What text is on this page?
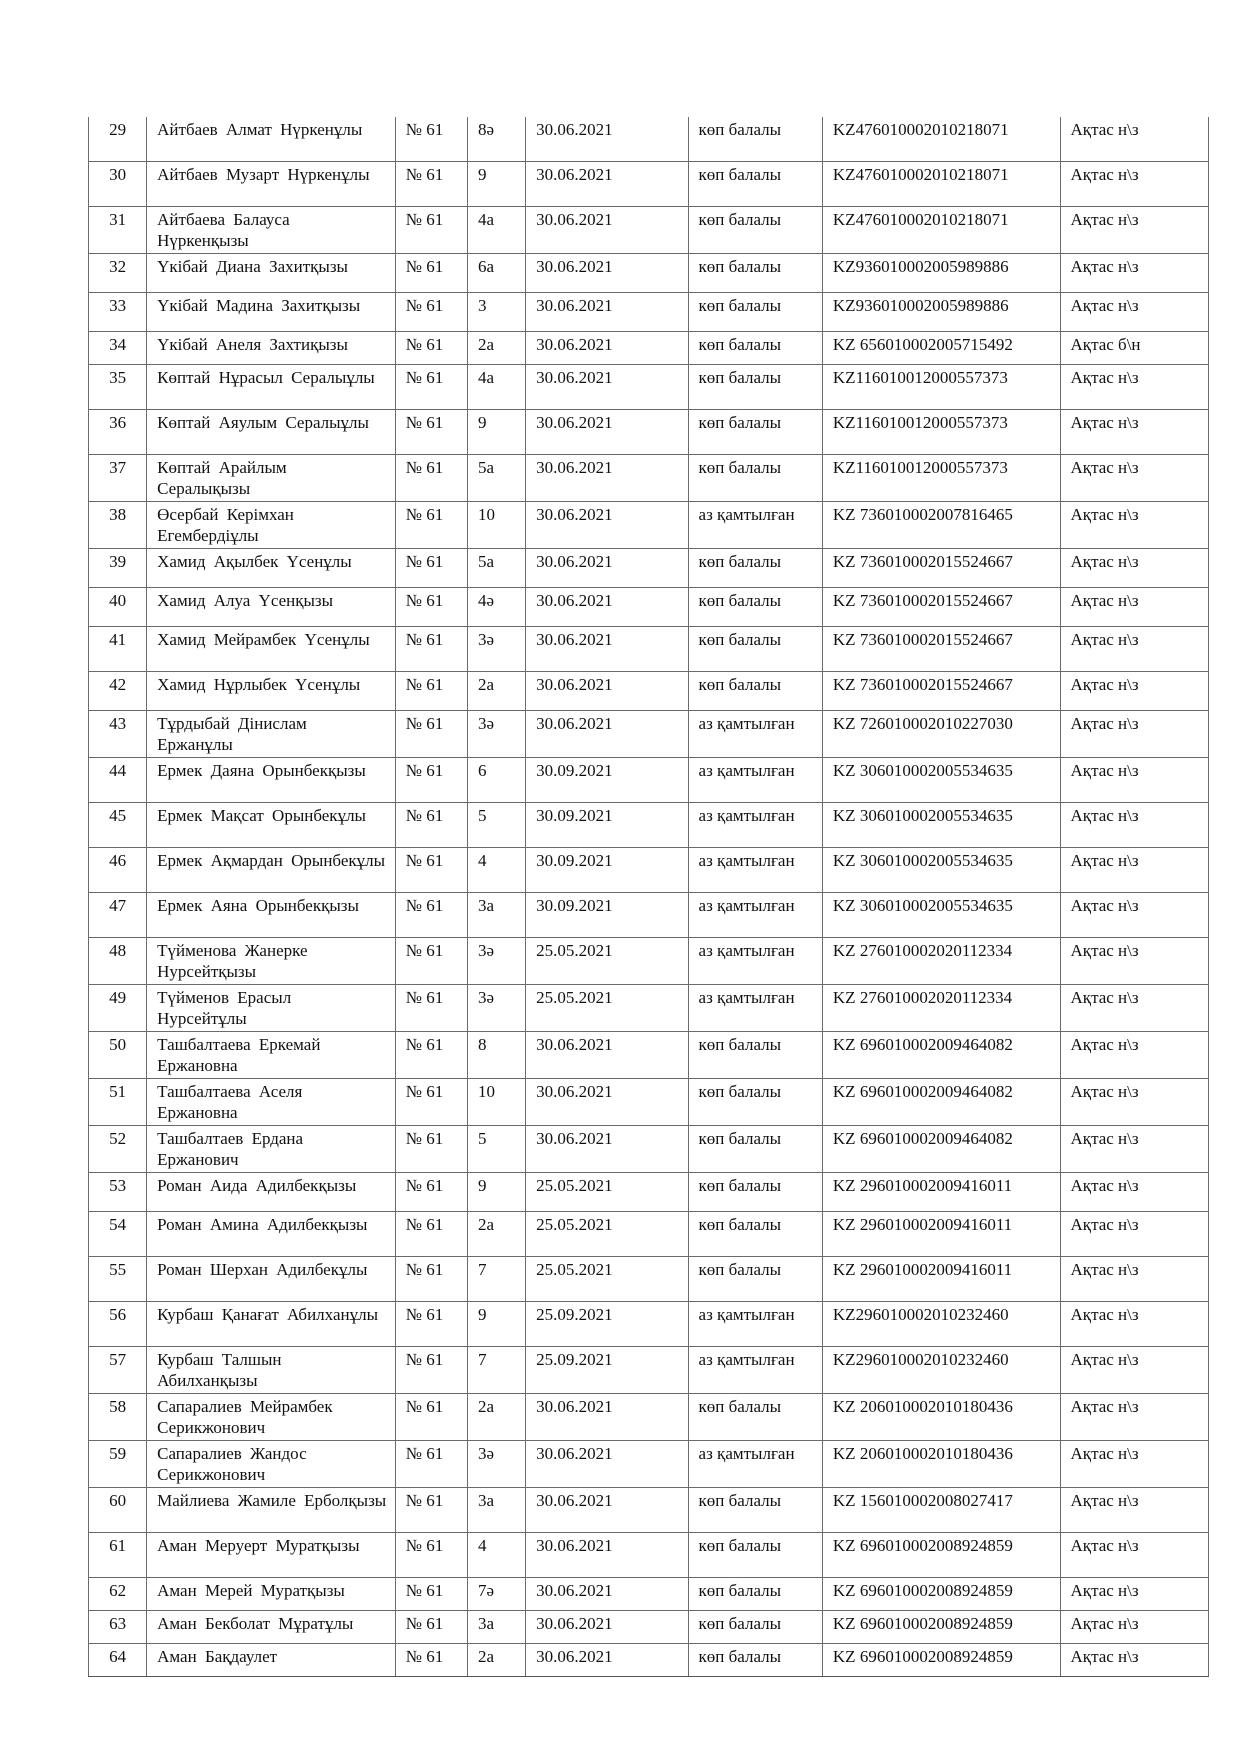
29	Айтбаев Алмат Нүркенұлы	№ 61	8ә	30.06.2021	көп балалы	KZ476010002010218071	Ақтас н\з
30	Айтбаев Музарт Нүркенұлы	№ 61	9	30.06.2021	көп балалы	KZ476010002010218071	Ақтас н\з
31	Айтбаева Балауса Нүркенқызы	№ 61	4а	30.06.2021	көп балалы	KZ476010002010218071	Ақтас н\з
32	Үкібай Диана Захитқызы	№ 61	6а	30.06.2021	көп балалы	KZ936010002005989886	Ақтас н\з
33	Үкібай Мадина Захитқызы	№ 61	3	30.06.2021	көп балалы	KZ936010002005989886	Ақтас н\з
34	Үкібай Анеля Захтиқызы	№ 61	2а	30.06.2021	көп балалы	KZ 656010002005715492	Ақтас б\н
35	Көптай Нұрасыл Сералыұлы	№ 61	4а	30.06.2021	көп балалы	KZ116010012000557373	Ақтас н\з
36	Көптай Аяулым Сералыұлы	№ 61	9	30.06.2021	көп балалы	KZ116010012000557373	Ақтас н\з
37	Көптай Арайлым Сералықызы	№ 61	5а	30.06.2021	көп балалы	KZ116010012000557373	Ақтас н\з
38	Өсербай Керімхан Егембердіұлы	№ 61	10	30.06.2021	аз қамтылған	KZ 736010002007816465	Ақтас н\з
39	Хамид Ақылбек Үсенұлы	№ 61	5а	30.06.2021	көп балалы	KZ 736010002015524667	Ақтас н\з
40	Хамид Алуа Үсенқызы	№ 61	4ә	30.06.2021	көп балалы	KZ 736010002015524667	Ақтас н\з
41	Хамид Мейрамбек Үсенұлы	№ 61	3ә	30.06.2021	көп балалы	KZ 736010002015524667	Ақтас н\з
42	Хамид Нұрлыбек Үсенұлы	№ 61	2а	30.06.2021	көп балалы	KZ 736010002015524667	Ақтас н\з
43	Тұрдыбай Діниcлам Ержанұлы	№ 61	3ә	30.06.2021	аз қамтылған	KZ 726010002010227030	Ақтас н\з
44	Ермек Даяна Орынбекқызы	№ 61	6	30.09.2021	аз қамтылған	KZ 306010002005534635	Ақтас н\з
45	Ермек Мақсат Орынбекұлы	№ 61	5	30.09.2021	аз қамтылған	KZ 306010002005534635	Ақтас н\з
46	Ермек Ақмардан Орынбекұлы	№ 61	4	30.09.2021	аз қамтылған	KZ 306010002005534635	Ақтас н\з
47	Ермек Аяна Орынбекқызы	№ 61	3а	30.09.2021	аз қамтылған	KZ 306010002005534635	Ақтас н\з
48	Түйменова Жанерке Нурсейтқызы	№ 61	3ә	25.05.2021	аз қамтылған	KZ 276010002020112334	Ақтас н\з
49	Түйменов Ерасыл Нурсейтұлы	№ 61	3ә	25.05.2021	аз қамтылған	KZ 276010002020112334	Ақтас н\з
50	Ташбалтаева Еркемай Ержановна	№ 61	8	30.06.2021	көп балалы	KZ 696010002009464082	Ақтас н\з
51	Ташбалтаева Аселя Ержановна	№ 61	10	30.06.2021	көп балалы	KZ 696010002009464082	Ақтас н\з
52	Ташбалтаев Ердана Ержанович	№ 61	5	30.06.2021	көп балалы	KZ 696010002009464082	Ақтас н\з
53	Роман Аида Адилбекқызы	№ 61	9	25.05.2021	көп балалы	KZ 296010002009416011	Ақтас н\з
54	Роман Амина Адилбекқызы	№ 61	2а	25.05.2021	көп балалы	KZ 296010002009416011	Ақтас н\з
55	Роман Шерхан Адилбекұлы	№ 61	7	25.05.2021	көп балалы	KZ 296010002009416011	Ақтас н\з
56	Курбаш Қанағат Абилханұлы	№ 61	9	25.09.2021	аз қамтылған	KZ296010002010232460	Ақтас н\з
57	Курбаш Талшын Абилханқызы	№ 61	7	25.09.2021	аз қамтылған	KZ296010002010232460	Ақтас н\з
58	Сапаралиев Мейрамбек Серикжонович	№ 61	2а	30.06.2021	көп балалы	KZ 206010002010180436	Ақтас н\з
59	Сапаралиев Жандос Серикжонович	№ 61	3ә	30.06.2021	аз қамтылған	KZ 206010002010180436	Ақтас н\з
60	Майлиева Жамиле Ерболқызы	№ 61	3а	30.06.2021	көп балалы	KZ 156010002008027417	Ақтас н\з
61	Аман Меруерт Муратқызы	№ 61	4	30.06.2021	көп балалы	KZ 696010002008924859	Ақтас н\з
62	Аман Мерей Муратқызы	№ 61	7ә	30.06.2021	көп балалы	KZ 696010002008924859	Ақтас н\з
63	Аман Бекболат Мұратұлы	№ 61	3а	30.06.2021	көп балалы	KZ 696010002008924859	Ақтас н\з
64	Аман Бақдаулет	№ 61	2а	30.06.2021	көп балалы	KZ 696010002008924859	Ақтас н\з
